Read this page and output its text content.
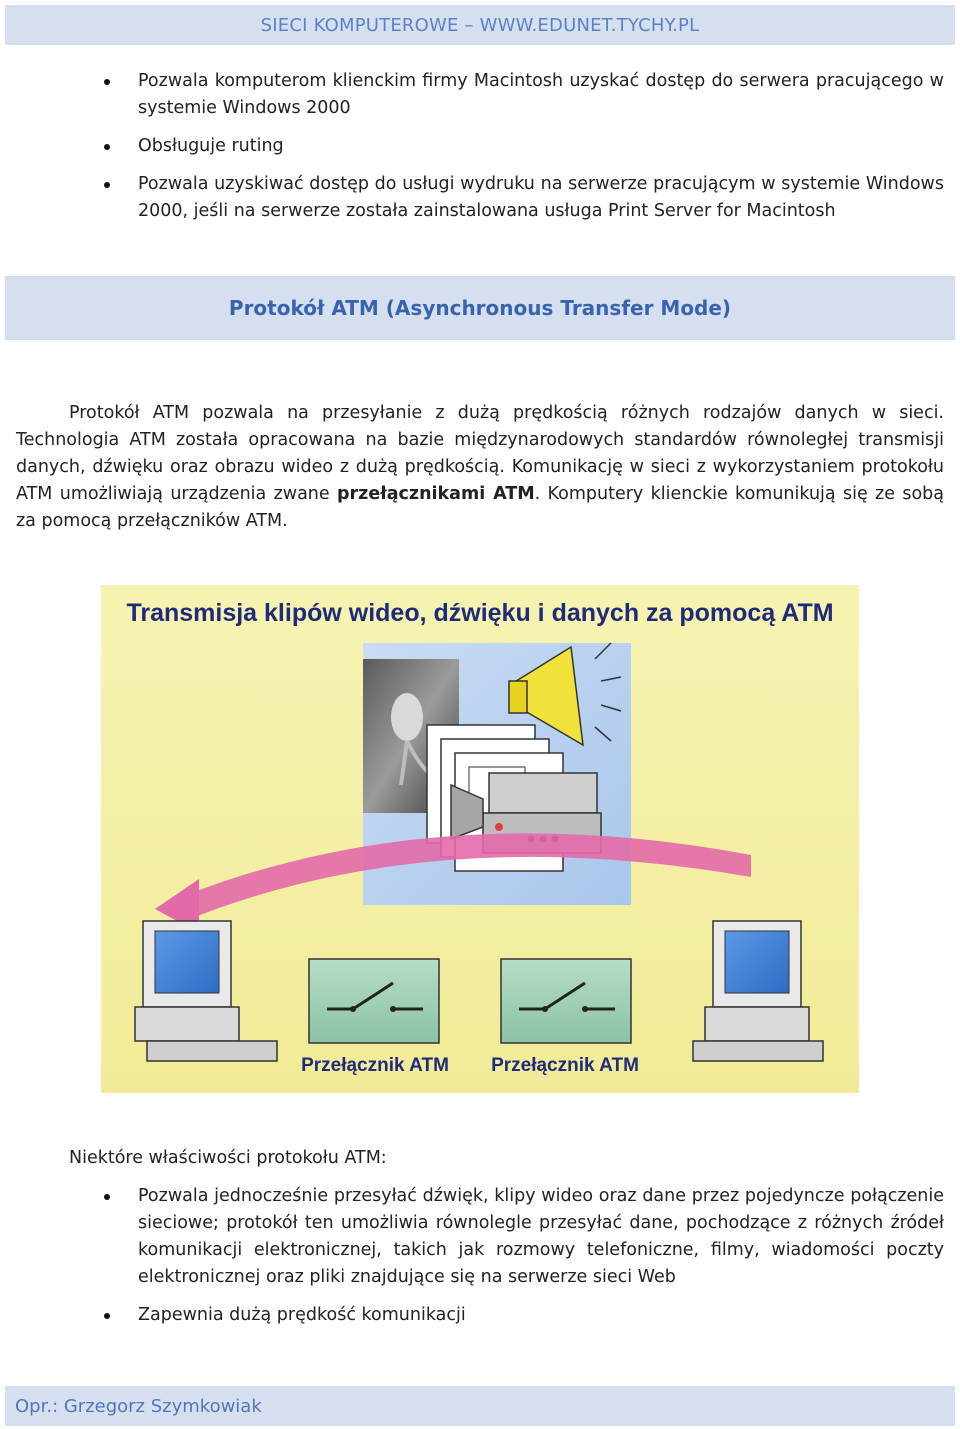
SIECI KOMPUTEROWE – WWW.EDUNET.TYCHY.PL
Pozwala komputerom klienckim firmy Macintosh uzyskać dostęp do serwera pracującego w systemie Windows 2000
Obsługuje ruting
Pozwala uzyskiwać dostęp do usługi wydruku na serwerze pracującym w systemie Windows 2000, jeśli na serwerze została zainstalowana usługa Print Server for Macintosh
Protokół ATM (Asynchronous Transfer Mode)

Protokół ATM pozwala na przesyłanie z dużą prędkością różnych rodzajów danych w sieci. Technologia ATM została opracowana na bazie międzynarodowych standardów równoległej transmisji danych, dźwięku oraz obrazu wideo z dużą prędkością. Komunikację w sieci z wykorzystaniem protokołu ATM umożliwiają urządzenia zwane przełącznikami ATM. Komputery klienckie komunikują się ze sobą za pomocą przełączników ATM.

Transmisja klipów wideo, dźwięku i danych za pomocą ATM
Przełącznik ATM Przełącznik ATM

Niektóre właściwości protokołu ATM:

Pozwala jednocześnie przesyłać dźwięk, klipy wideo oraz dane przez pojedyncze połączenie sieciowe; protokół ten umożliwia równolegle przesyłać dane, pochodzące z różnych źródeł komunikacji elektronicznej, takich jak rozmowy telefoniczne, filmy, wiadomości poczty elektronicznej oraz pliki znajdujące się na serwerze sieci Web
Zapewnia dużą prędkość komunikacji
Opr.: Grzegorz Szymkowiak
